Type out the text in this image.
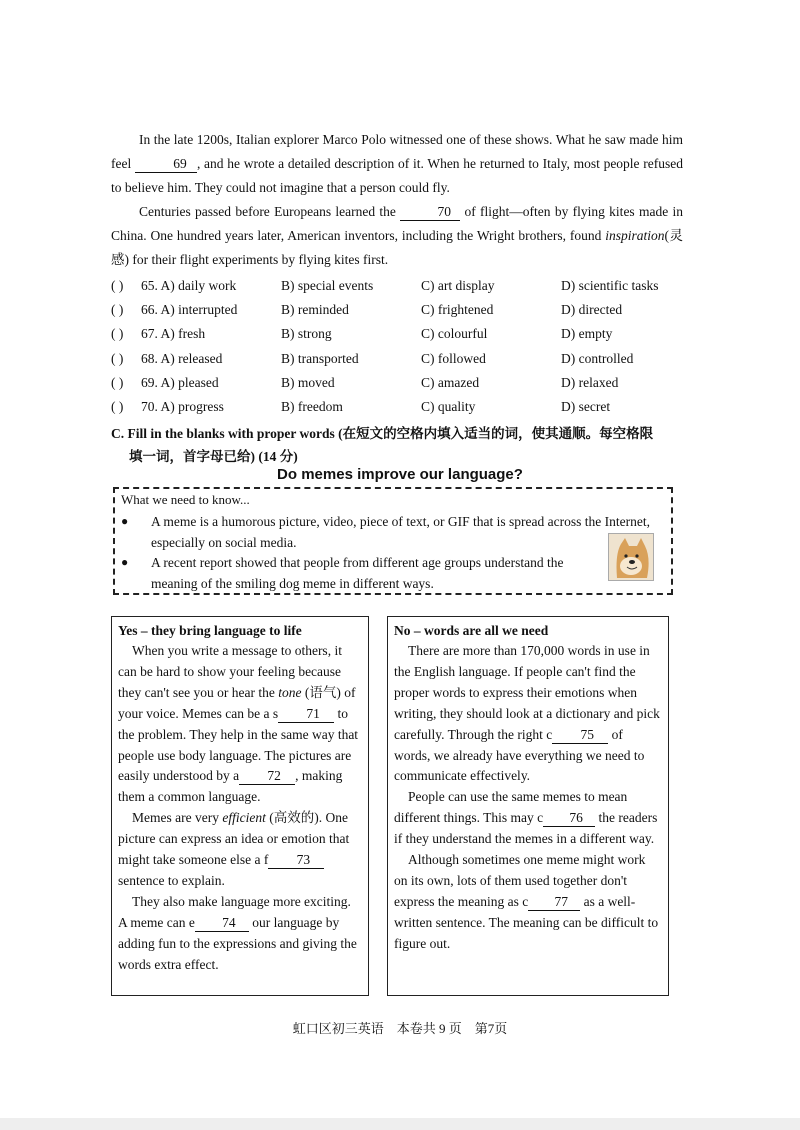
In the late 1200s, Italian explorer Marco Polo witnessed one of these shows. What he saw made him feel	69 , and he wrote a detailed description of it. When he returned to Italy, most people refused to believe him. They could not imagine that a person could fly.

Centuries passed before Europeans learned the	70 of flight—often by flying kites made in China. One hundred years later, American inventors, including the Wright brothers, found inspiration(灵感) for their flight experiments by flying kites first.

( )	65. A) daily work	B) special events	C) art display	D) scientific tasks
( )	66. A) interrupted	B) reminded	C) frightened	D) directed
( )	67. A) fresh	B) strong	C) colourful	D) empty
( )	68. A) released	B) transported	C) followed	D) controlled
( )	69. A) pleased	B) moved	C) amazed	D) relaxed
( )	70. A) progress	B) freedom	C) quality	D) secret
C. Fill in the blanks with proper words (在短文的空格内填入适当的词，使其通顺。每空格限
填一词，首字母已给) (14 分)
Do memes improve our language?
What we need to know...
●	A meme is a humorous picture, video, piece of text, or GIF that is spread across the Internet,
especially on social media.
●	A recent report showed that people from different age groups understand the
meaning of the smiling dog meme in different ways.
Yes – they bring language to life

When you write a message to others, it can be hard to show your feeling because they can't see you or hear the tone (语气) of your voice. Memes can be a s 71 to the problem. They help in the same way that people use body language. The pictures are easily understood by a 72 , making them a common language.

Memes are very efficient (高效的). One picture can express an idea or emotion that might take someone else a f 73 sentence to explain.

They also make language more exciting. A meme can e 74 our language by adding fun to the expressions and giving the words extra effect.

No – words are all we need

There are more than 170,000 words in use in the English language. If people can't find the proper words to express their emotions when writing, they should look at a dictionary and pick carefully. Through the right c 75 of words, we already have everything we need to communicate effectively.

People can use the same memes to mean different things. This may c 76 the readers if they understand the memes in a different way.

Although sometimes one meme might work on its own, lots of them used together don't express the meaning as c 77 as a well-written sentence. The meaning can be difficult to figure out.

虹口区初三英语　本卷共 9 页　第7页
